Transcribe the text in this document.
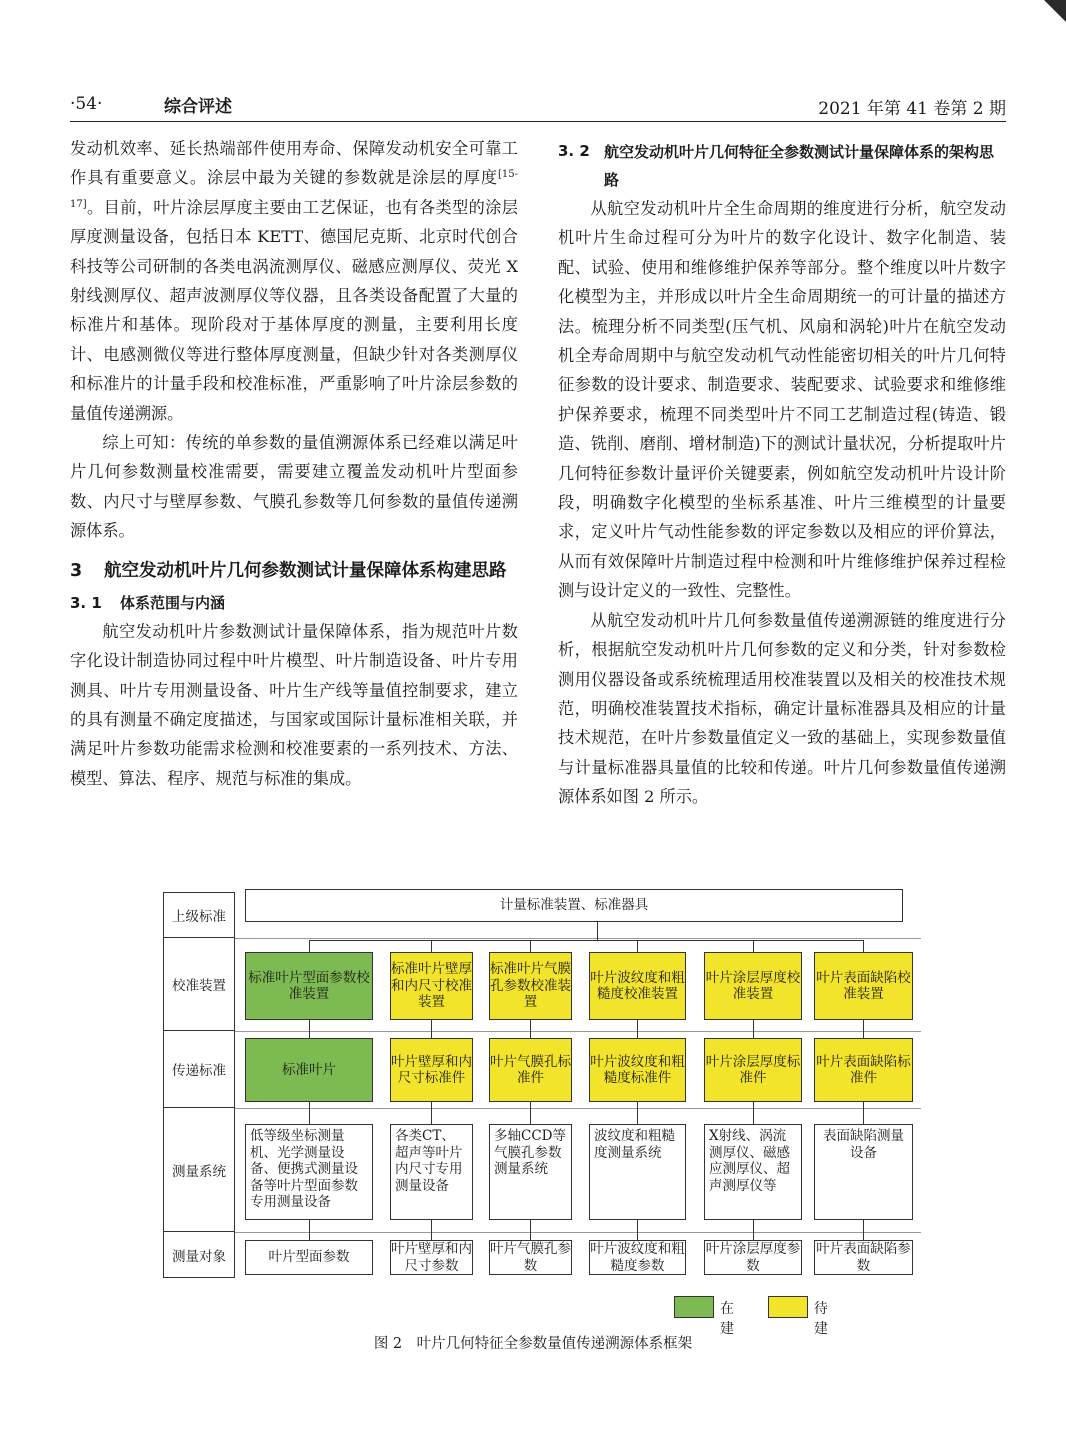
·54·	综合评述	2021 年第 41 卷第 2 期

发动机效率、延长热端部件使用寿命、保障发动机安全可靠工作具有重要意义。涂层中最为关键的参数就是涂层的厚度[15-17]。目前，叶片涂层厚度主要由工艺保证，也有各类型的涂层厚度测量设备，包括日本 KETT、德国尼克斯、北京时代创合科技等公司研制的各类电涡流测厚仪、磁感应测厚仪、荧光 X 射线测厚仪、超声波测厚仪等仪器，且各类设备配置了大量的标准片和基体。现阶段对于基体厚度的测量，主要利用长度计、电感测微仪等进行整体厚度测量，但缺少针对各类测厚仪和标准片的计量手段和校准标准，严重影响了叶片涂层参数的量值传递溯源。

综上可知：传统的单参数的量值溯源体系已经难以满足叶片几何参数测量校准需要，需要建立覆盖发动机叶片型面参数、内尺寸与壁厚参数、气膜孔参数等几何参数的量值传递溯源体系。

3	航空发动机叶片几何参数测试计量保障体系构建思路
3. 1	体系范围与内涵

航空发动机叶片参数测试计量保障体系，指为规范叶片数字化设计制造协同过程中叶片模型、叶片制造设备、叶片专用测具、叶片专用测量设备、叶片生产线等量值控制要求，建立的具有测量不确定度描述，与国家或国际计量标准相关联，并满足叶片参数功能需求检测和校准要素的一系列技术、方法、模型、算法、程序、规范与标准的集成。

3. 2 航空发动机叶片几何特征全参数测试计量保障体系的架构思路

从航空发动机叶片全生命周期的维度进行分析，航空发动机叶片生命过程可分为叶片的数字化设计、数字化制造、装配、试验、使用和维修维护保养等部分。整个维度以叶片数字化模型为主，并形成以叶片全生命周期统一的可计量的描述方法。梳理分析不同类型(压气机、风扇和涡轮)叶片在航空发动机全寿命周期中与航空发动机气动性能密切相关的叶片几何特征参数的设计要求、制造要求、装配要求、试验要求和维修维护保养要求，梳理不同类型叶片不同工艺制造过程(铸造、锻造、铣削、磨削、增材制造)下的测试计量状况，分析提取叶片几何特征参数计量评价关键要素，例如航空发动机叶片设计阶段，明确数字化模型的坐标系基准、叶片三维模型的计量要求，定义叶片气动性能参数的评定参数以及相应的评价算法，从而有效保障叶片制造过程中检测和叶片维修维护保养过程检测与设计定义的一致性、完整性。

从航空发动机叶片几何参数量值传递溯源链的维度进行分析，根据航空发动机叶片几何参数的定义和分类，针对参数检测用仪器设备或系统梳理适用校准装置以及相关的校准技术规范，明确校准装置技术指标，确定计量标准器具及相应的计量技术规范，在叶片参数量值定义一致的基础上，实现参数量值与计量标准器具量值的比较和传递。叶片几何参数量值传递溯源体系如图 2 所示。

上级标准
校准装置
传递标准
测量系统
测量对象
计量标准装置、标准器具
标准叶片型面参数校准装置
标准叶片
低等级坐标测量机、光学测量设备、便携式测量设备等叶片型面参数专用测量设备
叶片型面参数
标准叶片壁厚和内尺寸校准装置
叶片壁厚和内尺寸标准件
各类CT、超声等叶片内尺寸专用测量设备
叶片壁厚和内尺寸参数
标准叶片气膜孔参数校准装置
叶片气膜孔标准件
多轴CCD等气膜孔参数测量系统
叶片气膜孔参数
叶片波纹度和粗糙度校准装置
叶片波纹度和粗糙度标准件
波纹度和粗糙度测量系统
叶片波纹度和粗糙度参数
叶片涂层厚度校准装置
叶片涂层厚度标准件
X射线、涡流测厚仪、磁感应测厚仪、超声测厚仪等
叶片涂层厚度参数
叶片表面缺陷校准装置
叶片表面缺陷标准件
表面缺陷测量设备
叶片表面缺陷参数
在建
待建
图 2　叶片几何特征全参数量值传递溯源体系框架
